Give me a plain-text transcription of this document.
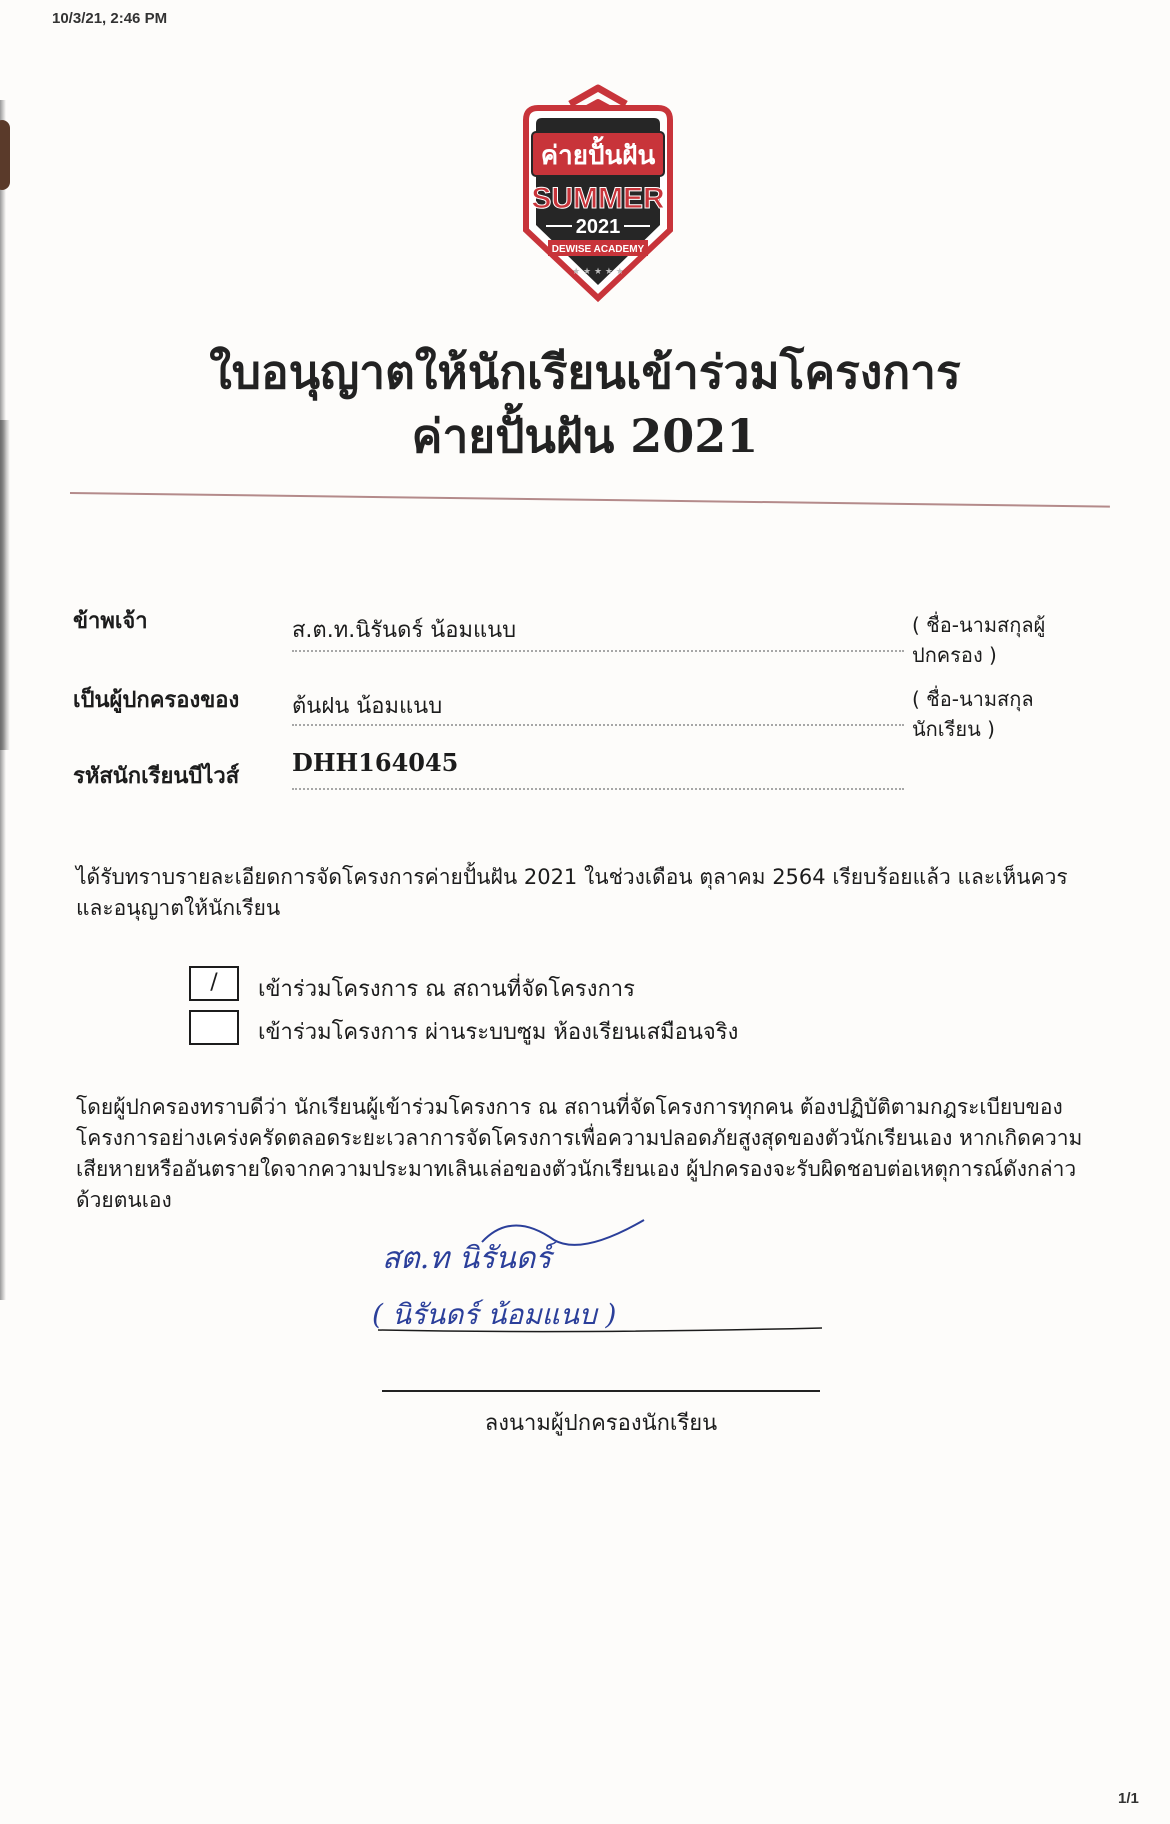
10/3/21, 2:46 PM
ค่ายปั้นฝัน
SUMMER
2021
DEWISE ACADEMY
★ ★ ★ ★ ★
ใบอนุญาตให้นักเรียนเข้าร่วมโครงการ
ค่ายปั้นฝัน 2021
ข้าพเจ้า	ส.ต.ท.นิรันดร์ น้อมแนบ	( ชื่อ-นามสกุลผู้ปกครอง )
เป็นผู้ปกครองของ ต้นฝน น้อมแนบ	( ชื่อ-นามสกุลนักเรียน )
รหัสนักเรียนบีไวส์ DHH164045
ได้รับทราบรายละเอียดการจัดโครงการค่ายปั้นฝัน 2021 ในช่วงเดือน ตุลาคม 2564 เรียบร้อยแล้ว และเห็นควรและอนุญาตให้นักเรียน
/	เข้าร่วมโครงการ ณ สถานที่จัดโครงการ
เข้าร่วมโครงการ ผ่านระบบซูม ห้องเรียนเสมือนจริง
โดยผู้ปกครองทราบดีว่า นักเรียนผู้เข้าร่วมโครงการ ณ สถานที่จัดโครงการทุกคน ต้องปฏิบัติตามกฎระเบียบของโครงการอย่างเคร่งครัดตลอดระยะเวลาการจัดโครงการเพื่อความปลอดภัยสูงสุดของตัวนักเรียนเอง หากเกิดความเสียหายหรืออันตรายใดจากความประมาทเลินเล่อของตัวนักเรียนเอง ผู้ปกครองจะรับผิดชอบต่อเหตุการณ์ดังกล่าวด้วยตนเอง
สต.ท นิรันดร์
( นิรันดร์ น้อมแนบ )
ลงนามผู้ปกครองนักเรียน
1/1
